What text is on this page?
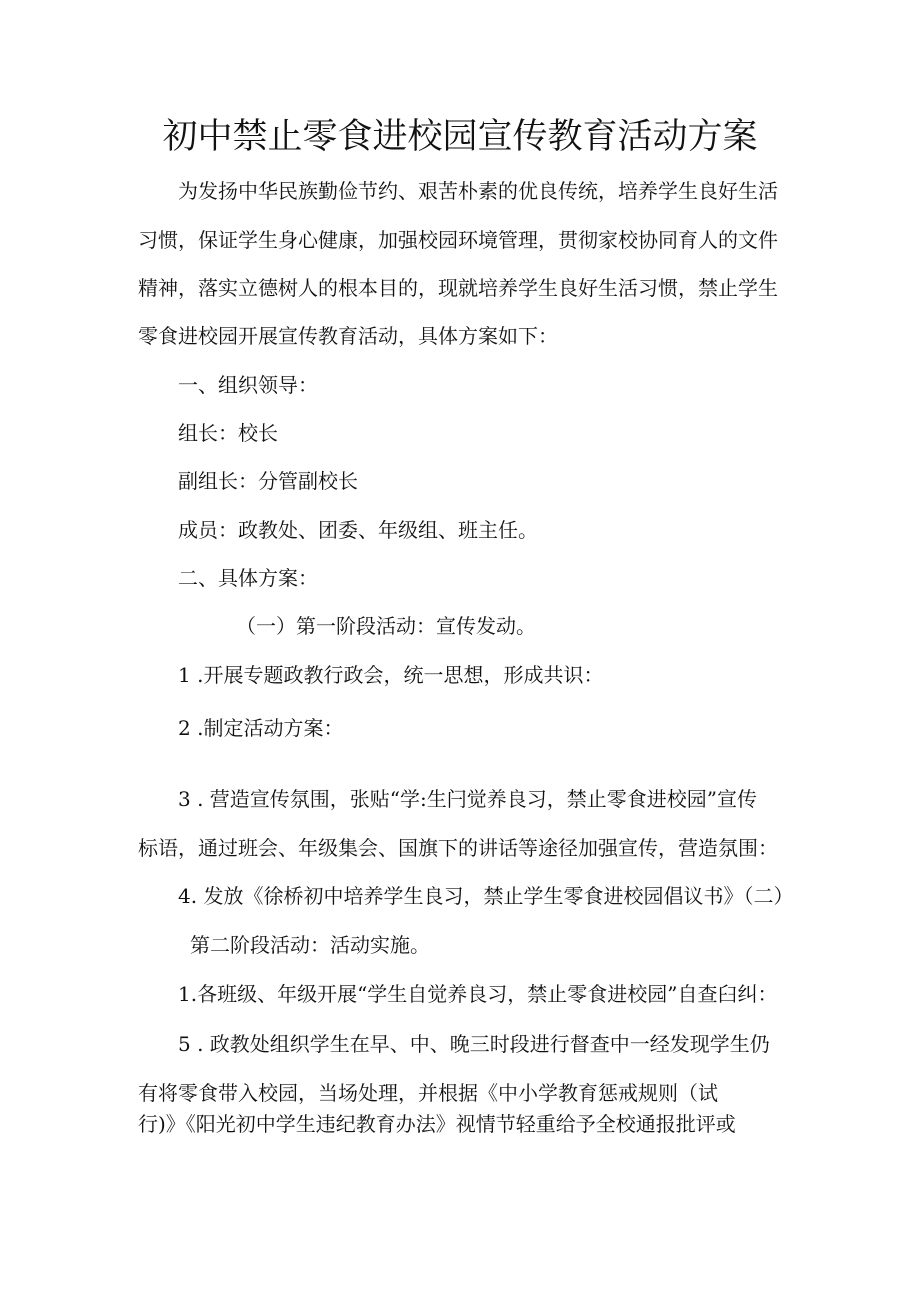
初中禁止零食进校园宣传教育活动方案
为发扬中华民族勤俭节约、艰苦朴素的优良传统，培养学生良好生活
习惯，保证学生身心健康，加强校园环境管理，贯彻家校协同育人的文件
精神，落实立德树人的根本目的，现就培养学生良好生活习惯，禁止学生
零食进校园开展宣传教育活动，具体方案如下：
一、组织领导：
组长：校长
副组长：分管副校长
成员：政教处、团委、年级组、班主任。
二、具体方案：
（一）第一阶段活动：宣传发动。
1 .开展专题政教行政会，统一思想，形成共识：
2 .制定活动方案：
3 . 营造宣传氛围，张贴“学:生闩觉养良习，禁止零食进校园”宣传
标语，通过班会、年级集会、国旗下的讲话等途径加强宣传，营造氛围：
4. 发放《徐桥初中培养学生良习，禁止学生零食进校园倡议书》（二）
第二阶段活动：活动实施。
1.各班级、年级开展“学生自觉养良习，禁止零食进校园”自查臼纠：
5 . 政教处组织学生在早、中、晚三时段进行督查中一经发现学生仍
有将零食带入校园，当场处理，并根据《中小学教育惩戒规则（试
行)》《阳光初中学生违纪教育办法》视情节轻重给予全校通报批评或
